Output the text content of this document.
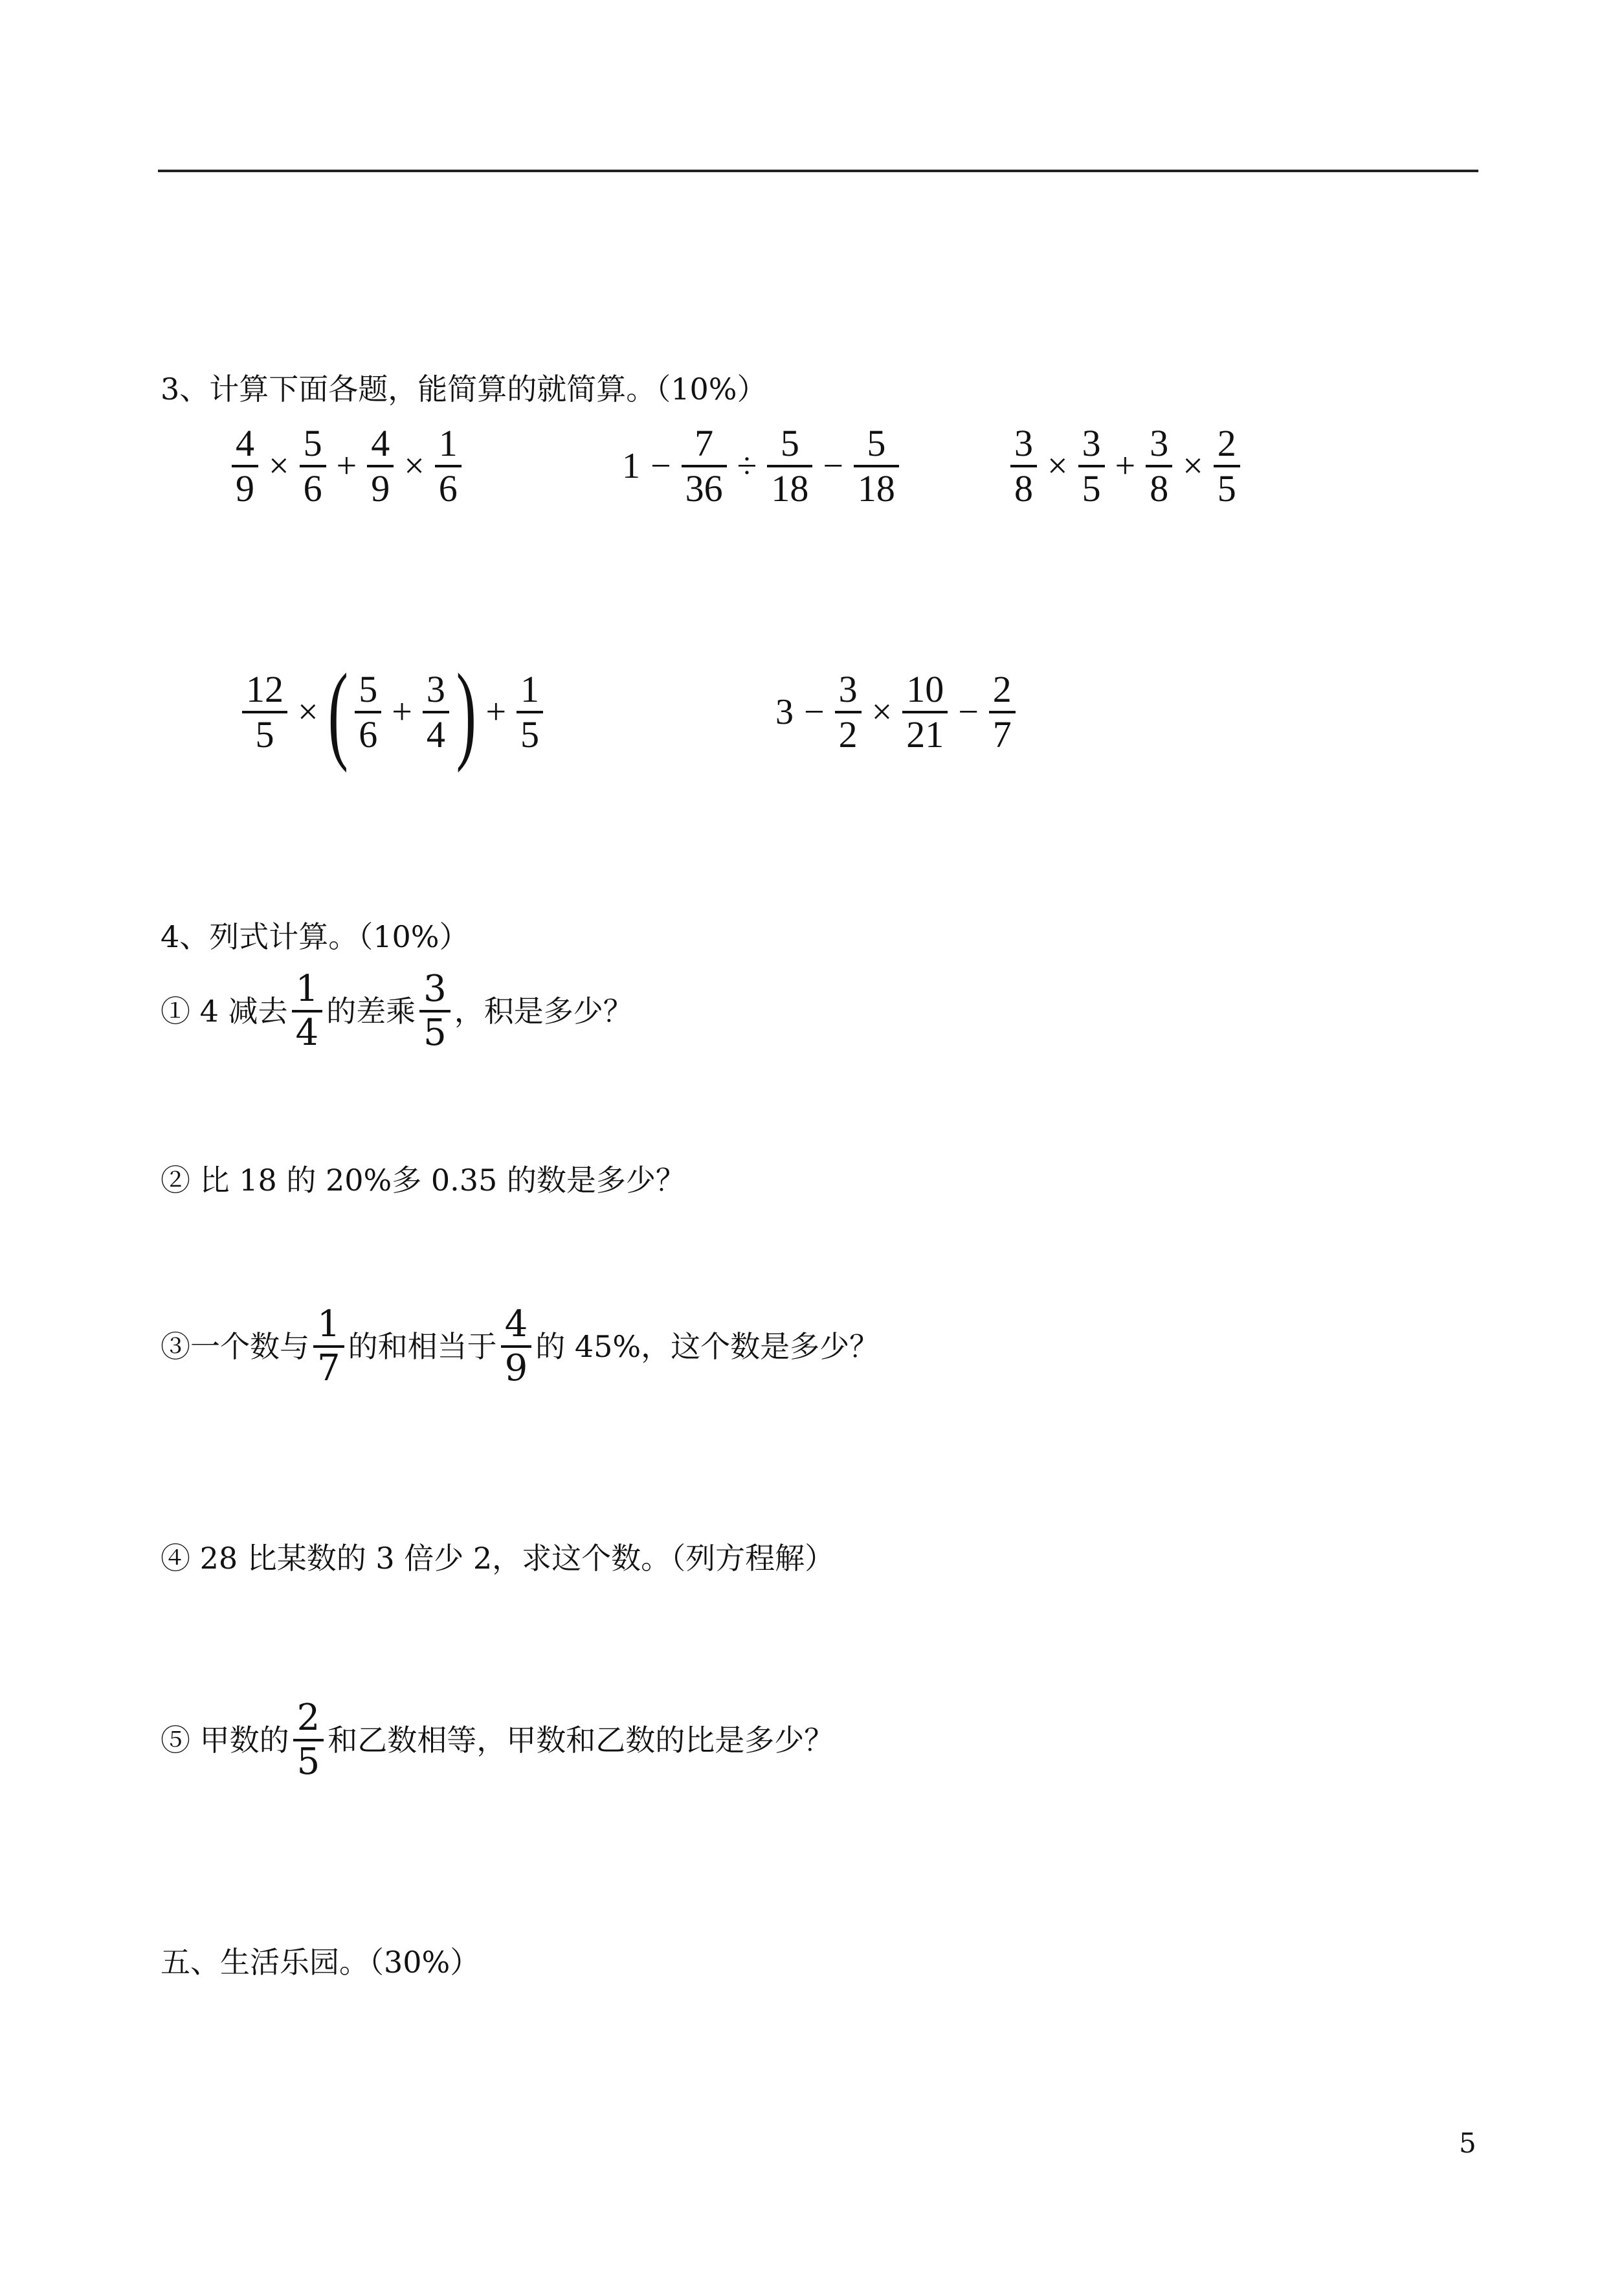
3、计算下面各题，能简算的就简算。（10%）
$\frac{4}{9} \times \frac{5}{6} + \frac{4}{9} \times \frac{1}{6}$	$1 - \frac{7}{36} \div \frac{5}{18} - \frac{5}{18}$	$\frac{3}{8} \times \frac{3}{5} + \frac{3}{8} \times \frac{2}{5}$
$\frac{12}{5}$ × ( $\frac{5}{6} + \frac{3}{4}$ ) + $\frac{1}{5}$	$3 - \frac{3}{2} \times \frac{10}{21} - \frac{2}{7}$
4、列式计算。（10%）
① 4 减去 $\frac{1}{4}$ 的差乘 $\frac{3}{5}$ ，积是多少？
② 比 18 的 20%多 0.35 的数是多少？
③一个数与 $\frac{1}{7}$ 的和相当于 $\frac{4}{9}$ 的 45%，这个数是多少？
④ 28 比某数的 3 倍少 2，求这个数。（列方程解）
⑤ 甲数的 $\frac{2}{5}$ 和乙数相等，甲数和乙数的比是多少？
五、生活乐园。（30%）
5
